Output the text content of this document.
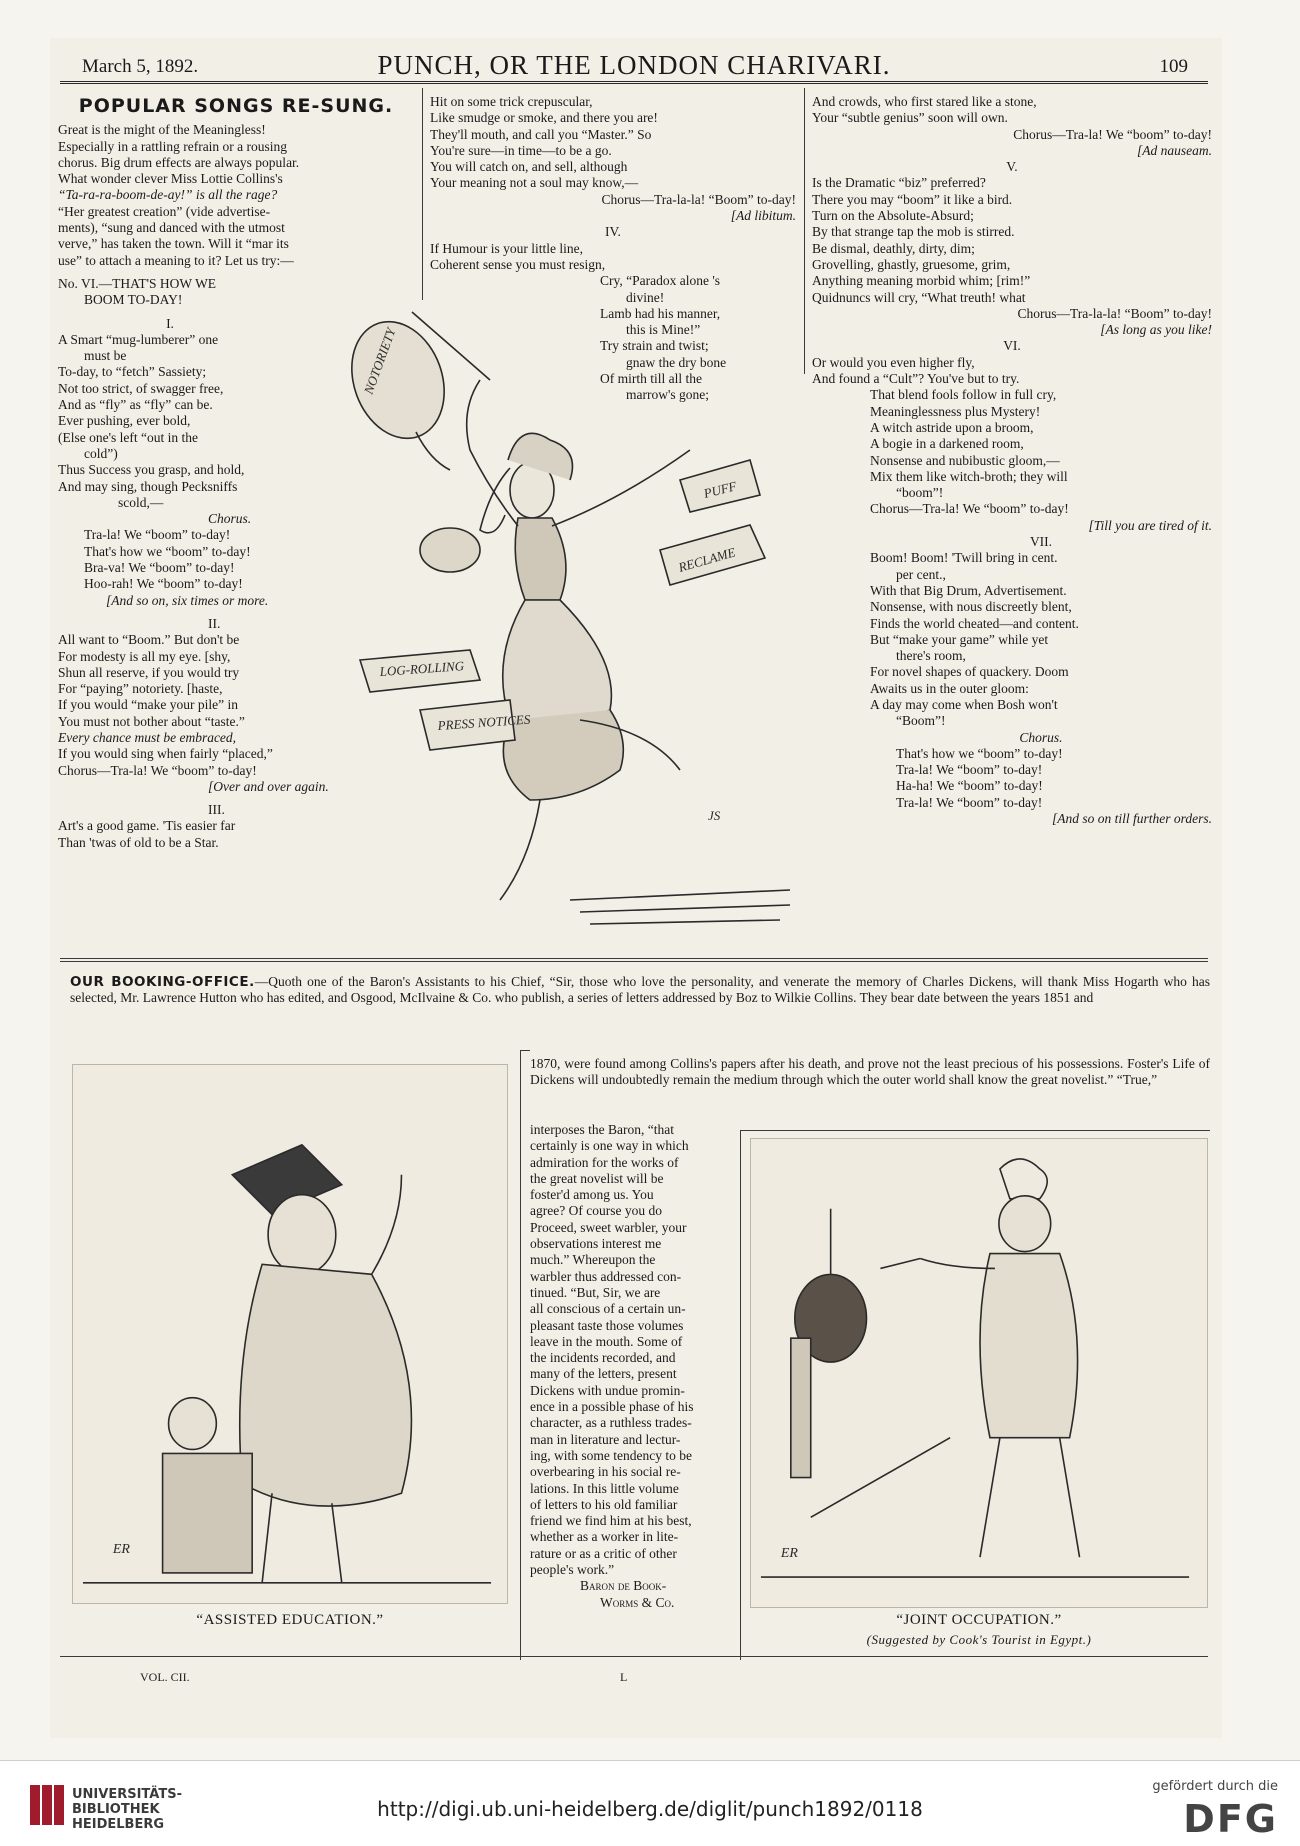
March 5, 1892.	PUNCH, OR THE LONDON CHARIVARI.	109
POPULAR SONGS RE-SUNG.

Great is the might of the Meaningless!

Especially in a rattling refrain or a rousing

chorus. Big drum effects are always popular.

What wonder clever Miss Lottie Collins's

“Ta-ra-ra-boom-de-ay!” is all the rage?

“Her greatest creation” (vide advertise-

ments), “sung and danced with the utmost

verve,” has taken the town. Will it “mar its

use” to attach a meaning to it? Let us try:—

No. VI.—THAT'S HOW WE

BOOM TO-DAY!

I.

A Smart “mug-lumberer” one

must be

To-day, to “fetch” Sassiety;

Not too strict, of swagger free,

And as “fly” as “fly” can be.

Ever pushing, ever bold,

(Else one's left “out in the

cold”)

Thus Success you grasp, and hold,

And may sing, though Pecksniffs

scold,—

Chorus.

Tra-la! We “boom” to-day!

That's how we “boom” to-day!

Bra-va! We “boom” to-day!

Hoo-rah! We “boom” to-day!

[And so on, six times or more.

II.

All want to “Boom.” But don't be

For modesty is all my eye. [shy,

Shun all reserve, if you would try

For “paying” notoriety. [haste,

If you would “make your pile” in

You must not bother about “taste.”

Every chance must be embraced,

If you would sing when fairly “placed,”

Chorus—Tra-la! We “boom” to-day!

[Over and over again.

III.

Art's a good game. 'Tis easier far

Than 'twas of old to be a Star.

Hit on some trick crepuscular,

Like smudge or smoke, and there you are!

They'll mouth, and call you “Master.” So

You're sure—in time—to be a go.

You will catch on, and sell, although

Your meaning not a soul may know,—

Chorus—Tra-la-la! “Boom” to-day!

[Ad libitum.

IV.

If Humour is your little line,

Coherent sense you must resign,

Cry, “Paradox alone 's

divine!

Lamb had his manner,

this is Mine!”

Try strain and twist;

gnaw the dry bone

Of mirth till all the

marrow's gone;

And crowds, who first stared like a stone,

Your “subtle genius” soon will own.

Chorus—Tra-la! We “boom” to-day!

[Ad nauseam.

V.

Is the Dramatic “biz” preferred?

There you may “boom” it like a bird.

Turn on the Absolute-Absurd;

By that strange tap the mob is stirred.

Be dismal, deathly, dirty, dim;

Grovelling, ghastly, gruesome, grim,

Anything meaning morbid whim; [rim!”

Quidnuncs will cry, “What treuth! what

Chorus—Tra-la-la! “Boom” to-day!

[As long as you like!

VI.

Or would you even higher fly,

And found a “Cult”? You've but to try.

That blend fools follow in full cry,

Meaninglessness plus Mystery!

A witch astride upon a broom,

A bogie in a darkened room,

Nonsense and nubibustic gloom,—

Mix them like witch-broth; they will

“boom”!

Chorus—Tra-la! We “boom” to-day!

[Till you are tired of it.

VII.

Boom! Boom! 'Twill bring in cent.

per cent.,

With that Big Drum, Advertisement.

Nonsense, with nous discreetly blent,

Finds the world cheated—and content.

But “make your game” while yet

there's room,

For novel shapes of quackery. Doom

Awaits us in the outer gloom:

A day may come when Bosh won't

“Boom”!

Chorus.

That's how we “boom” to-day!

Tra-la! We “boom” to-day!

Ha-ha! We “boom” to-day!

Tra-la! We “boom” to-day!

[And so on till further orders.

NOTORIETY
PUFF
RECLAME
LOG-ROLLING
PRESS NOTICES
JS
OUR BOOKING-OFFICE.—Quoth one of the Baron's Assistants to his Chief, “Sir, those who love the personality, and venerate the memory of Charles Dickens, will thank Miss Hogarth who has selected, Mr. Lawrence Hutton who has edited, and Osgood, McIlvaine & Co. who publish, a series of letters addressed by Boz to Wilkie Collins. They bear date between the years 1851 and
1870, were found among Collins's papers after his death, and prove not the least precious of his possessions. Foster's Life of Dickens will undoubtedly remain the medium through which the outer world shall know the great novelist.” “True,”

interposes the Baron, “that

certainly is one way in which

admiration for the works of

the great novelist will be

foster'd among us. You

agree? Of course you do

Proceed, sweet warbler, your

observations interest me

much.” Whereupon the

warbler thus addressed con-

tinued. “But, Sir, we are

all conscious of a certain un-

pleasant taste those volumes

leave in the mouth. Some of

the incidents recorded, and

many of the letters, present

Dickens with undue promin-

ence in a possible phase of his

character, as a ruthless trades-

man in literature and lectur-

ing, with some tendency to be

overbearing in his social re-

lations. In this little volume

of letters to his old familiar

friend we find him at his best,

whether as a worker in lite-

rature or as a critic of other

people's work.”

Baron de Book-

Worms & Co.

ER
“ASSISTED EDUCATION.”
ER
“JOINT OCCUPATION.”
(Suggested by Cook's Tourist in Egypt.)
VOL. CII.	L
UNIVERSITÄTS-
BIBLIOTHEK
HEIDELBERG
http://digi.ub.uni-heidelberg.de/diglit/punch1892/0118
gefördert durch die
DFG
